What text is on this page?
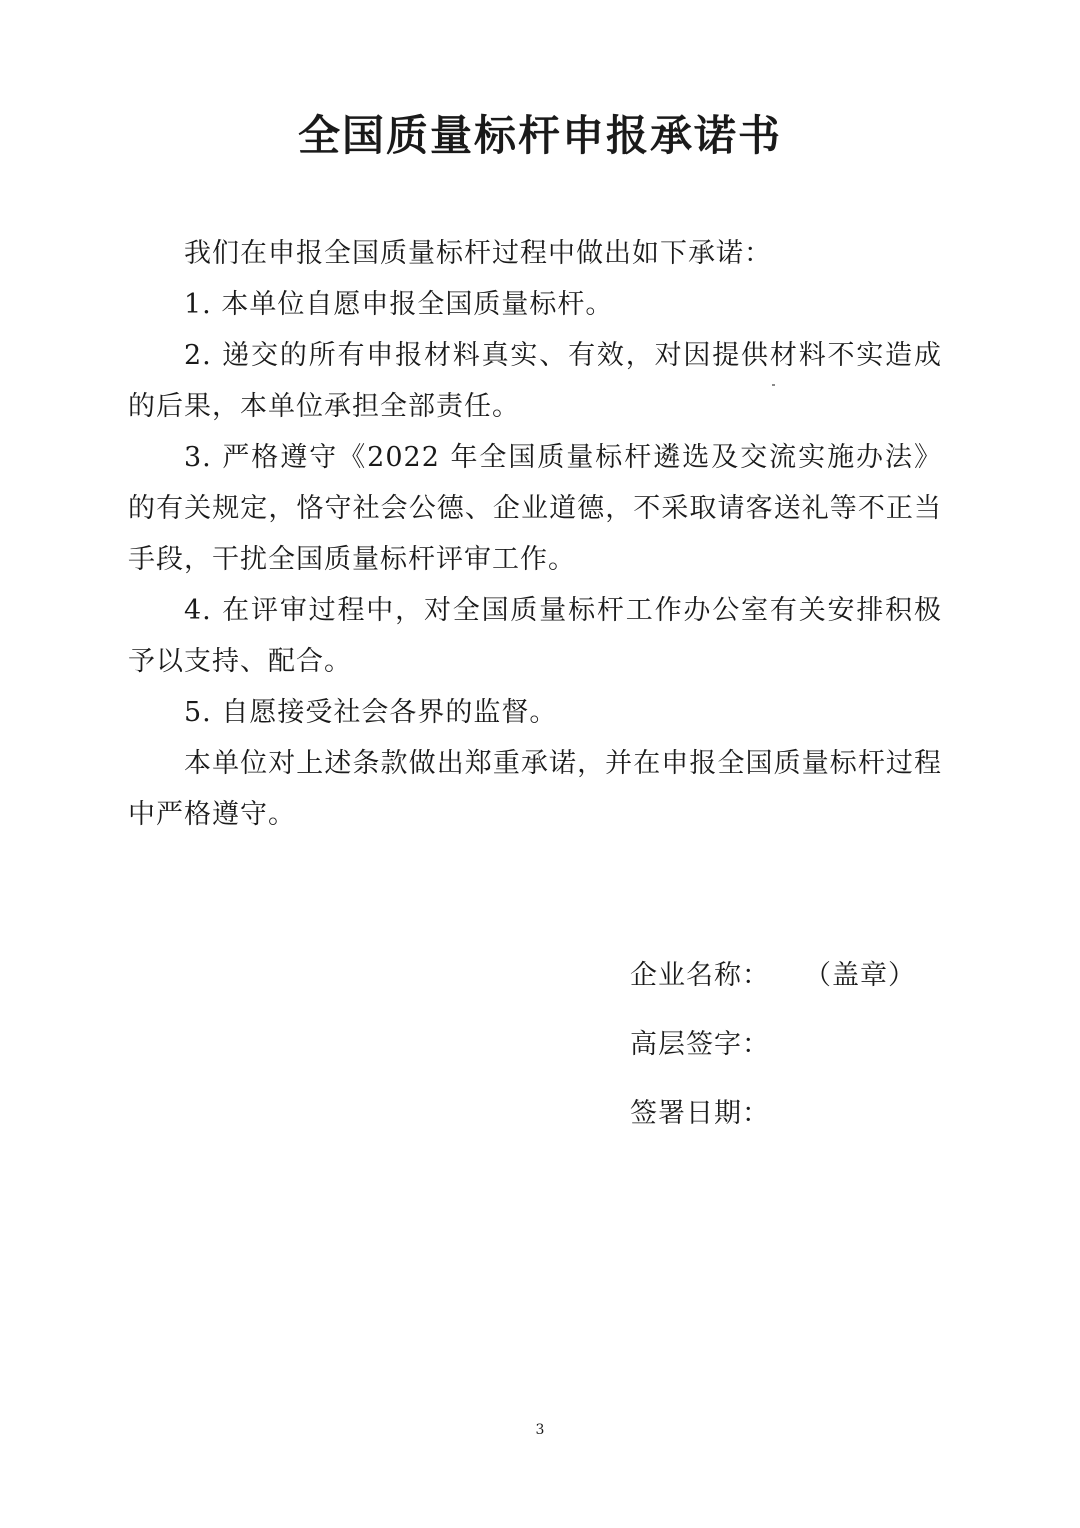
全国质量标杆申报承诺书

我们在申报全国质量标杆过程中做出如下承诺：

1. 本单位自愿申报全国质量标杆。

2. 递交的所有申报材料真实、有效，对因提供材料不实造成的后果，本单位承担全部责任。

3. 严格遵守《2022 年全国质量标杆遴选及交流实施办法》的有关规定，恪守社会公德、企业道德，不采取请客送礼等不正当手段，干扰全国质量标杆评审工作。

4. 在评审过程中，对全国质量标杆工作办公室有关安排积极予以支持、配合。

5. 自愿接受社会各界的监督。

本单位对上述条款做出郑重承诺，并在申报全国质量标杆过程中严格遵守。

企业名称： （盖章）
高层签字：
签署日期：
3
